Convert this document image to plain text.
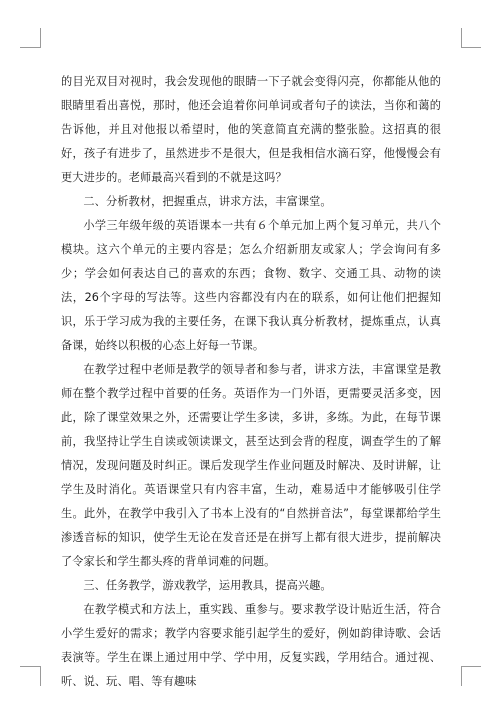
的目光双目对视时，我会发现他的眼睛一下子就会变得闪亮，你都能从他的眼睛里看出喜悦，那时，他还会追着你问单词或者句子的读法，当你和蔼的告诉他，并且对他报以希望时，他的笑意简直充满的整张脸。这招真的很好，孩子有进步了，虽然进步不是很大，但是我相信水滴石穿，他慢慢会有更大进步的。老师最高兴看到的不就是这吗？

二、分析教材，把握重点，讲求方法，丰富课堂。

小学三年级年级的英语课本一共有６个单元加上两个复习单元，共八个模块。这六个单元的主要内容是；怎么介绍新朋友或家人；学会询问有多少；学会如何表达自己的喜欢的东西；食物、数字、交通工具、动物的读法，26个字母的写法等。这些内容都没有内在的联系，如何让他们把握知识，乐于学习成为我的主要任务，在课下我认真分析教材，提炼重点，认真备课，始终以积极的心态上好每一节课。

在教学过程中老师是教学的领导者和参与者，讲求方法，丰富课堂是教师在整个教学过程中首要的任务。英语作为一门外语，更需要灵活多变，因此，除了课堂效果之外，还需要让学生多读，多讲，多练。为此，在每节课前，我坚持让学生自读或领读课文，甚至达到会背的程度，调查学生的了解情况，发现问题及时纠正。课后发现学生作业问题及时解决、及时讲解，让学生及时消化。英语课堂只有内容丰富，生动，难易适中才能够吸引住学生。此外，在教学中我引入了书本上没有的“自然拼音法”，每堂课都给学生渗透音标的知识，使学生无论在发音还是在拼写上都有很大进步，提前解决了令家长和学生都头疼的背单词难的问题。

三、任务教学，游戏教学，运用教具，提高兴趣。

在教学模式和方法上，重实践、重参与。要求教学设计贴近生活，符合小学生爱好的需求；教学内容要求能引起学生的爱好，例如韵律诗歌、会话表演等。学生在课上通过用中学、学中用，反复实践，学用结合。通过视、听、说、玩、唱、等有趣味
